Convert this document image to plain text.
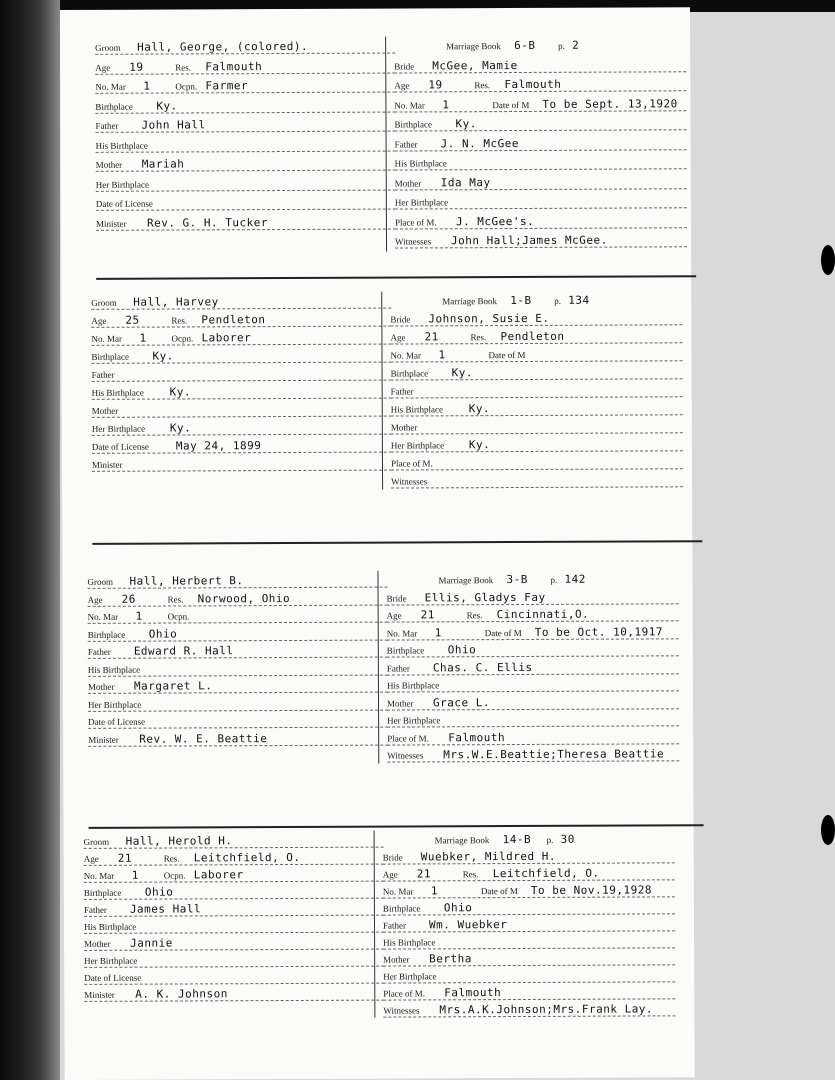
Groom Hall, George, (colored).
Age 19	Res. Falmouth
No. Mar 1	Ocpn. Farmer
Birthplace Ky.
Father John Hall
His Birthplace
Mother Mariah
Her Birthplace
Date of License
Minister Rev. G. H. Tucker
Marriage Book 6-B	p. 2
Bride McGee, Mamie
Age 19	Res. Falmouth
No. Mar 1	Date of M To be Sept. 13,1920
Birthplace Ky.
Father J. N. McGee
His Birthplace
Mother Ida May
Her Birthplace
Place of M. J. McGee's.
Witnesses John Hall;James McGee.
Groom Hall, Harvey
Age 25	Res. Pendleton
No. Mar 1	Ocpn. Laborer
Birthplace Ky.
Father
His Birthplace Ky.
Mother
Her Birthplace Ky.
Date of License May 24, 1899
Minister
Marriage Book 1-B	p. 134
Bride Johnson, Susie E.
Age 21	Res. Pendleton
No. Mar 1	Date of M
Birthplace Ky.
Father
His Birthplace Ky.
Mother
Her Birthplace Ky.
Place of M.
Witnesses
Groom Hall, Herbert B.
Age 26	Res. Norwood, Ohio
No. Mar 1	Ocpn.
Birthplace Ohio
Father Edward R. Hall
His Birthplace
Mother Margaret L.
Her Birthplace
Date of License
Minister Rev. W. E. Beattie
Marriage Book 3-B	p. 142
Bride Ellis, Gladys Fay
Age 21	Res. Cincinnati,O.
No. Mar 1	Date of M To be Oct. 10,1917
Birthplace Ohio
Father Chas. C. Ellis
His Birthplace
Mother Grace L.
Her Birthplace
Place of M. Falmouth
Witnesses Mrs.W.E.Beattie;Theresa Beattie
Groom Hall, Herold H.
Age 21	Res. Leitchfield, O.
No. Mar 1	Ocpn. Laborer
Birthplace Ohio
Father James Hall
His Birthplace
Mother Jannie
Her Birthplace
Date of License
Minister A. K. Johnson
Marriage Book 14-B p. 30
Bride Wuebker, Mildred H.
Age 21	Res. Leitchfield, O.
No. Mar 1	Date of M To be Nov.19,1928
Birthplace Ohio
Father Wm. Wuebker
His Birthplace
Mother Bertha
Her Birthplace
Place of M. Falmouth
Witnesses Mrs.A.K.Johnson;Mrs.Frank Lay.
